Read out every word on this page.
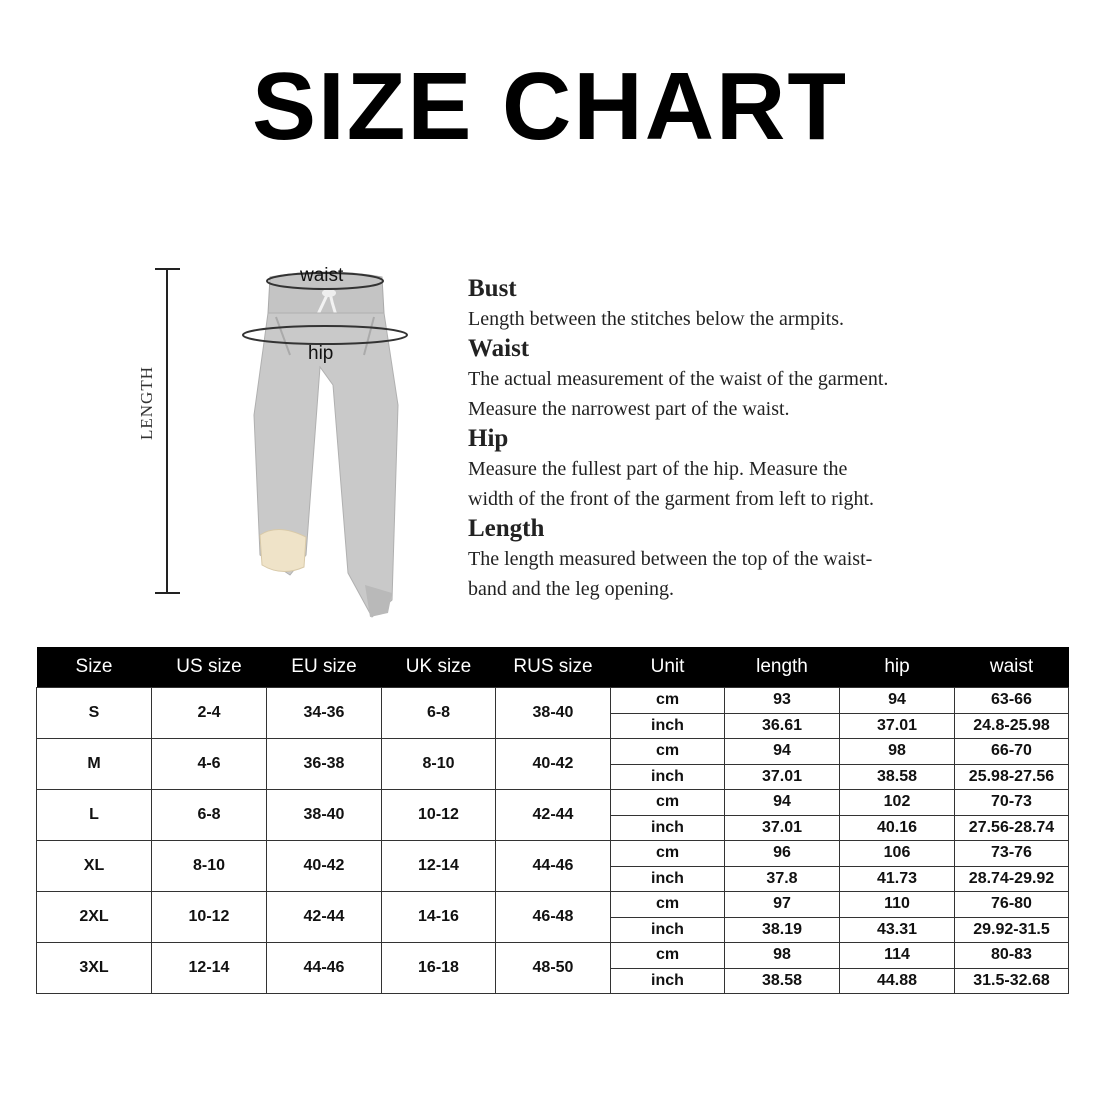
SIZE CHART
waist
hip
LENGTH
Bust
Length between the stitches below the armpits.
Waist
The actual measurement of the waist of the garment.
Measure the narrowest part of the waist.
Hip
Measure the fullest part of the hip. Measure the
width of the front of the garment from left to right.
Length
The length measured between the top of the waist-
band and the leg opening.
Size	US size	EU size	UK size	RUS size	Unit	length	hip	waist
S	2-4	34-36	6-8	38-40	cm	93	94	63-66
					inch	36.61	37.01	24.8-25.98
M	4-6	36-38	8-10	40-42	cm	94	98	66-70
					inch	37.01	38.58	25.98-27.56
L	6-8	38-40	10-12	42-44	cm	94	102	70-73
					inch	37.01	40.16	27.56-28.74
XL	8-10	40-42	12-14	44-46	cm	96	106	73-76
					inch	37.8	41.73	28.74-29.92
2XL	10-12	42-44	14-16	46-48	cm	97	110	76-80
					inch	38.19	43.31	29.92-31.5
3XL	12-14	44-46	16-18	48-50	cm	98	114	80-83
					inch	38.58	44.88	31.5-32.68
